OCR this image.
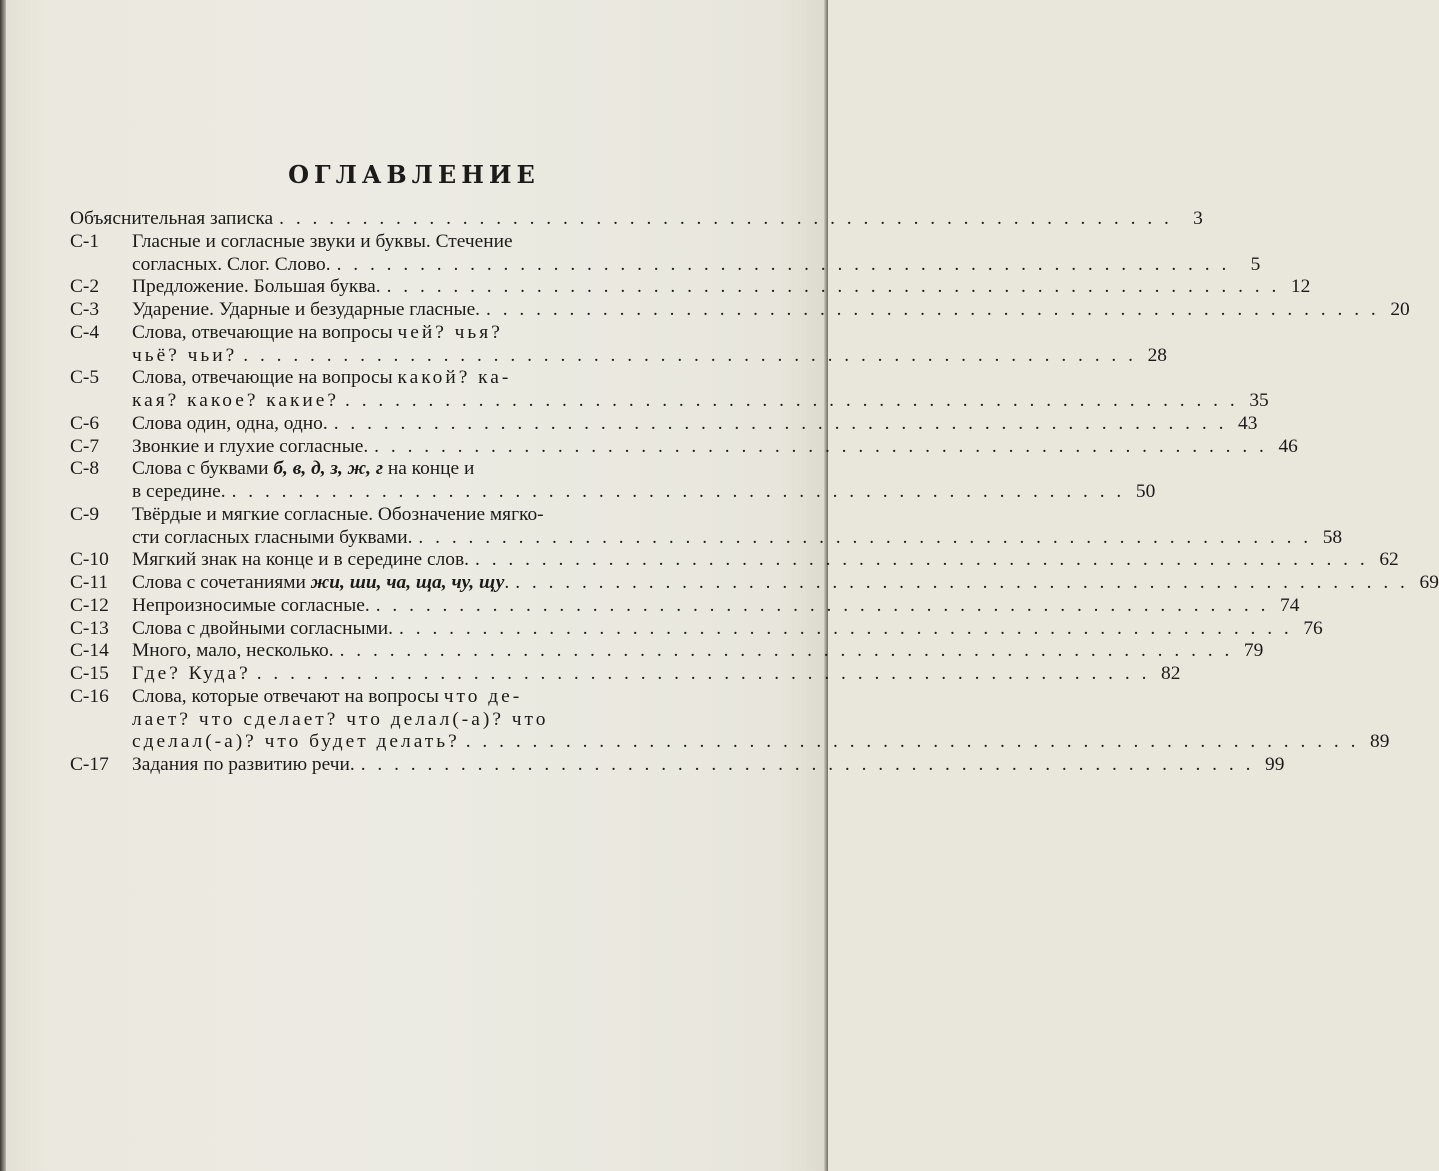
ОГЛАВЛЕНИЕ
Объяснительная записка . . .	3
С-1	Гласные и согласные звуки и буквы. Стечение
согласных. Слог. Слово. . . .	5
С-2	Предложение. Большая буква. . . .	12
С-3	Ударение. Ударные и безударные гласные. . . .	20
С-4	Слова, отвечающие на вопросы чей? чья?
чьё? чьи? . . .	28
С-5	Слова, отвечающие на вопросы какой? ка-
кая? какое? какие? . . .	35
С-6	Слова один, одна, одно. . . .	43
С-7	Звонкие и глухие согласные. . . .	46
С-8	Слова с буквами б, в, д, з, ж, г на конце и
в середине. . . .	50
С-9	Твёрдые и мягкие согласные. Обозначение мягко-
сти согласных гласными буквами. . . .	58
С-10	Мягкий знак на конце и в середине слов. . . .	62
С-11	Слова с сочетаниями жи, ши, ча, ща, чу, щу. . . .	69
С-12	Непроизносимые согласные. . . .	74
С-13	Слова с двойными согласными. . . .	76
С-14	Много, мало, несколько. . . .	79
С-15	Где? Куда? . . .	82
С-16	Слова, которые отвечают на вопросы что де-
лает? что сделает? что делал(-а)? что
сделал(-а)? что будет делать? . . .	89
С-17	Задания по развитию речи. . . .	99
